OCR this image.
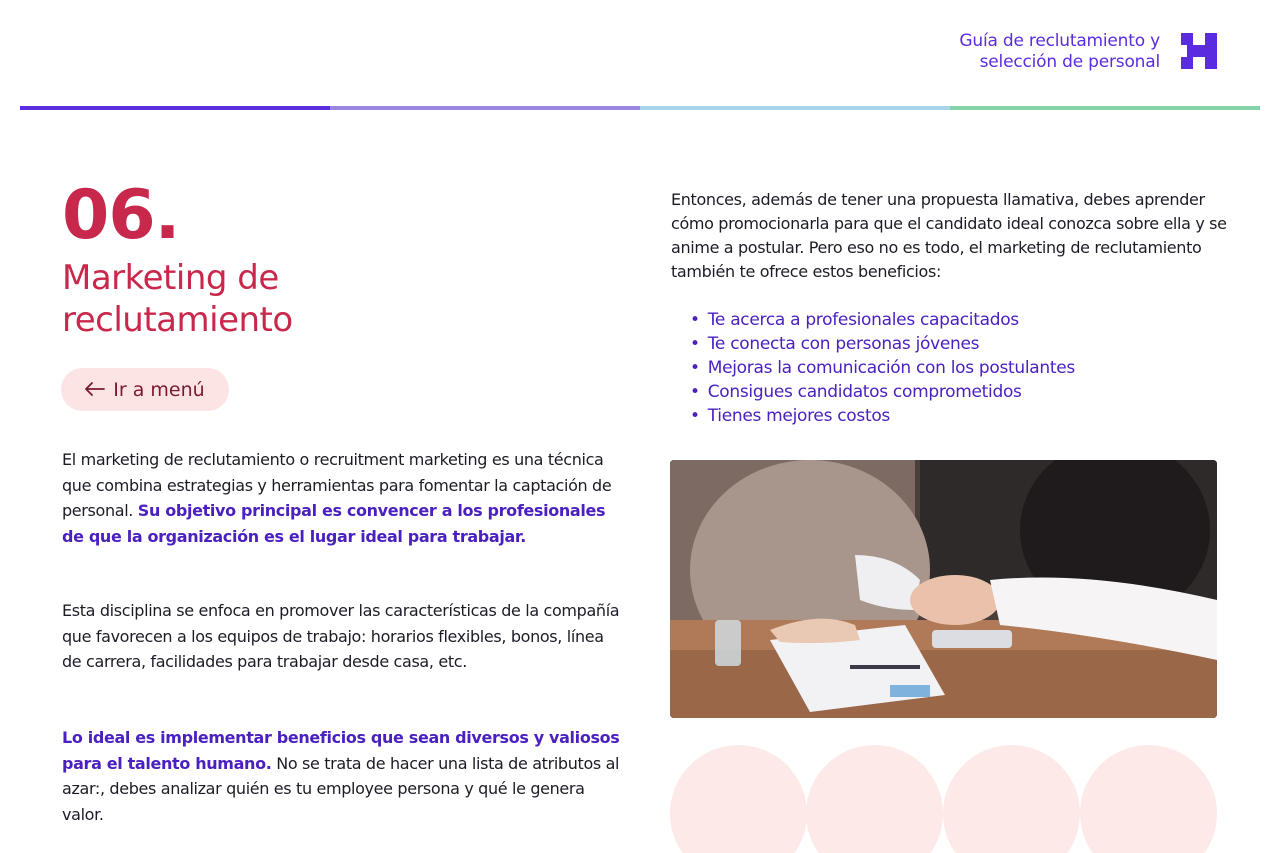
Guía de reclutamiento y
selección de personal
06.
Marketing de
reclutamiento
Ir a menú

El marketing de reclutamiento o recruitment marketing es una técnica que combina estrategias y herramientas para fomentar la captación de personal. Su objetivo principal es convencer a los profesionales de que la organización es el lugar ideal para trabajar.

Esta disciplina se enfoca en promover las características de la compañía que favorecen a los equipos de trabajo: horarios flexibles, bonos, línea de carrera, facilidades para trabajar desde casa, etc.

Lo ideal es implementar beneficios que sean diversos y valiosos para el talento humano. No se trata de hacer una lista de atributos al azar:, debes analizar quién es tu employee persona y qué le genera valor.

Entonces, además de tener una propuesta llamativa, debes aprender cómo promocionarla para que el candidato ideal conozca sobre ella y se anime a postular. Pero eso no es todo, el marketing de reclutamiento también te ofrece estos beneficios:

• Te acerca a profesionales capacitados
• Te conecta con personas jóvenes
• Mejoras la comunicación con los postulantes
• Consigues candidatos comprometidos
• Tienes mejores costos
